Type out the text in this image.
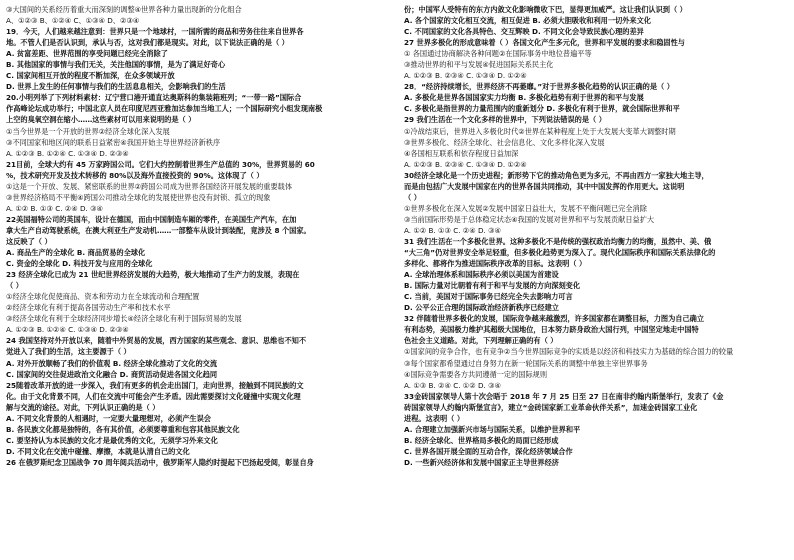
③大国间的关系经历着重大而深刻的调整④世界各种力量出现新的分化组合
A、①②③ B、①②④ C、①③④ D、②③④
19．今天，人们越来越注意到：世界只是一个地球村，一国所需的商品和劳务往往来自世界各
地。不管人们是否认识到，承认与否，这对我们都是现实。对此，以下说法正确的是（ ）
A. 贫富差距、世界范围的享受问题已经完全消除了
B. 其他国家的事情与我们无关，关注他国的事情，是为了满足好奇心
C. 国家间相互开放的程度不断加深，在众多领域开放
D. 世界上发生的任何事情与我们的生活息息相关，会影响我们的生活
20.小明列举了下列材料素材：辽宁营口港开通直达奥斯科的集装箱班列；“一带一路”国际合
作高峰论坛成功举行；中国北京人员在印度尼西亚雅加达参加当地工人；一个国际研究小组发现南极
上空的臭氧空洞在缩小……这些素材可以用来说明的是（ ）
①当今世界是一个开放的世界②经济全球化深入发展
③不同国家和地区间的联系日益紧密④我国开始主导世界经济新秩序
A. ①②③ B. ①②④ C. ①③④ D. ②③④
21目前，全球大约有 45 万家跨国公司。它们大约控制着世界生产总值的 30%，世界贸易的 60
%，技术研究开发及技术转移的 80%以及海外直接投资的 90%。这体现了（ ）
①这是一个开放、发展、紧密联系的世界②跨国公司成为世界各国经济开展发展的重要载体
③世界经济格局不平衡④跨国公司推动全球化的发展使世界也没有封锁、孤立的现象
A. ①② B. ①③ C. ②④ D. ③④
22美国福特公司的英国车，设计在德国，而由中国制造车厢的零件，在美国生产汽车，在加
拿大生产自动驾驶系统，在澳大利亚生产发动机……一部整车从设计到装配，竟涉及 8 个国家。
这反映了（ ）
A. 商品生产的全球化 B. 商品贸易的全球化
C. 资金的全球化 D. 科技开发与应用的全球化
23 经济全球化已成为 21 世纪世界经济发展的大趋势，极大地推动了生产力的发展，表现在
（ ）
①经济全球化促使商品、资本和劳动力在全球流动和合理配置
②经济全球化有利于提高各国劳动生产率和技术水平
③经济全球化有利于全球经济同步增长④经济全球化有利于国际贸易的发展
A. ①②③ B. ①②④ C. ①③④ D. ②③④
24 我国坚持对外开放以来，随着中外贸易的发展，西方国家的某些观念、意识、思维也不知不
觉进入了我们的生活，这主要源于（ ）
A. 对外开放顺畅了我们的价值观 B. 经济全球化推动了文化的交流
C. 国家间的交往促进政治文化融合 D. 商贸活动促进各国文化趋同
25随着改革开放的进一步深入，我们有更多的机会走出国门，走向世界，接触到不同民族的文
化。由于文化背景不同，人们在交流中可能会产生矛盾。因此需要探讨文化碰撞中实现文化理
解与交流的途径。对此，下列认识正确的是（ ）
A. 不同文化背景的人相遇时，一定要大量理想对，必须产生误会
B. 各民族文化都是独特的，各有其价值，必须要尊重和包容其他民族文化
C. 要坚持认为本民族的文化才是最优秀的文化，无须学习外来文化
D. 不同文化在交流中碰撞、摩擦，本就是认清自己的文化
26 在俄罗斯纪念卫国战争 70 周年阅兵活动中，俄罗斯军人隐约时提起下巴扬起受阅，彰显自身
份；中国军人受特有的东方内敛文化影响微收下巴，显得更加威严。这让我们认识到（ ）
A. 各个国家的文化相互交流，相互促进 B. 必须大胆吸收和利用一切外来文化
C. 不同国家的文化各具特色、交互辉映 D. 不同文化会导致民族心理的差异
27 世界多极化的形成意味着（ ）各国文化产生多元化，世界和平发展的要求和稳固性与
① 各国通过协商解决各种问题②在国际事务中地位普遍平等
③推动世界的和平与发展④促进国际关系民主化
A. ①②③ B. ②③④ C. ①③④ D. ①②④
28．“经济持续增长，世界经济不再萎靡。”对于世界多极化趋势的认识正确的是（ ）
A. 多极化是世界各国国家实力均衡 B. 多极化趋势有利于世界的和平与发展
C. 多极化是指世界的力量范围内的重新划分 D. 多极化有利于世界，就会国际世界和平
29 我们生活在一个文化多样的世界中，下列说法错误的是（ ）
①冷战结束后，世界进入多极化时代②世界在某种程度上处于大发展大变革大调整时期
③世界多极化、经济全球化、社会信息化、文化多样化深入发展
④各国相互联系和依存程度日益加深
A. ①②③ B. ②③④ C. ①③④ D. ①②④
30经济全球化是一个历史进程；新形势下它的推动角色更为多元，不再由西方一家独大地主导，
而是由包括广大发展中国家在内的世界各国共同推动，其中中国发挥的作用更大。这说明
（ ）
①世界多极化在深入发展②发展中国家日益壮大，发展不平衡问题已完全消除
③当前国际形势是于总体稳定状态④我国的发展对世界和平与发展贡献日益扩大
A. ①② B. ①③ C. ②④ D. ③④
31 我们生活在一个多极化世界。这种多极化不是传统的强权政治均衡力的均衡，虽然中、美、俄
“大三角”仍对世界安全举足轻重，但多极化趋势更为深入了。现代化国际秩序和国际关系法律化的
多样化、都将作为推进国际秩序改革的目标。这表明（ ）
A. 全球治理体系和国际秩序必须以美国为首建设
B. 国际力量对比朝着有利于和平与发展的方向深刻变化
C. 当前，美国对于国际事务已经完全失去影响力可言
D. 公平公正合理的国际政治经济新秩序已经建立
32 伴随着世界多极化的发展，国际竞争越来越激烈，许多国家都在调整目标，力图为自己确立
有利态势，美国极力维护其超级大国地位，日本努力跻身政治大国行列，中国坚定地走中国特
色社会主义道路。对此，下列理解正确的有（ ）
①国家间的竞争合作，也有竞争②当今世界国际竞争的实质是以经济和科技实力为基础的综合国力的较量
③每个国家都希望通过自身努力在新一轮国际关系的调整中单独主宰世界事务
④国际竞争需要各方共同遵循一定的国际规则
A. ①③ B. ②④ C. ①② D. ③④
33金砖国家领导人第十次会晤于 2018 年 7 月 25 日至 27 日在南非约翰内斯堡举行，发表了《金
砖国家领导人约翰内斯堡宣言》，建立“金砖国家新工业革命伙伴关系”，加速金砖国家工业化
进程。这表明（ ）
A. 合理建立加强新兴市场与国际关系，以维护世界和平
B. 经济全球化、世界格局多极化的局面已经形成
C. 世界各国开展全面的互动合作，深化经济领域合作
D. 一些新兴经济体和发展中国家正主导世界经济
